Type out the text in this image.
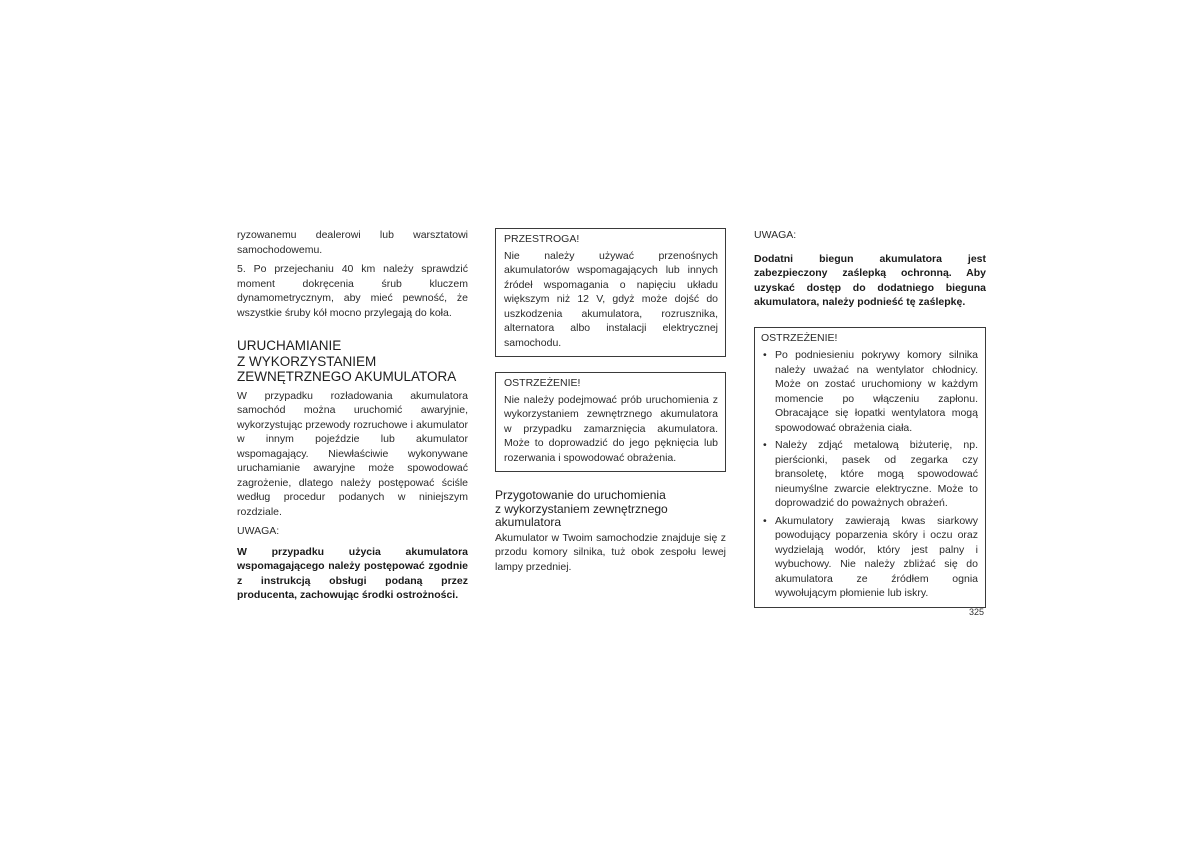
ryzowanemu dealerowi lub warsztatowi samochodowemu.

5. Po przejechaniu 40 km należy sprawdzić moment dokręcenia śrub kluczem dynamometrycznym, aby mieć pewność, że wszystkie śruby kół mocno przylegają do koła.

URUCHAMIANIE
Z WYKORZYSTANIEM
ZEWNĘTRZNEGO AKUMULATORA

W przypadku rozładowania akumulatora samochód można uruchomić awaryjnie, wykorzystując przewody rozruchowe i akumulator w innym pojeździe lub akumulator wspomagający. Niewłaściwie wykonywane uruchamianie awaryjne może spowodować zagrożenie, dlatego należy postępować ściśle według procedur podanych w niniejszym rozdziale.

UWAGA:

W przypadku użycia akumulatora wspomagającego należy postępować zgodnie z instrukcją obsługi podaną przez producenta, zachowując środki ostrożności.

PRZESTROGA!

Nie należy używać przenośnych akumulatorów wspomagających lub innych źródeł wspomagania o napięciu układu większym niż 12 V, gdyż może dojść do uszkodzenia akumulatora, rozrusznika, alternatora albo instalacji elektrycznej samochodu.

OSTRZEŻENIE!

Nie należy podejmować prób uruchomienia z wykorzystaniem zewnętrznego akumulatora w przypadku zamarznięcia akumulatora. Może to doprowadzić do jego pęknięcia lub rozerwania i spowodować obrażenia.

Przygotowanie do uruchomienia
z wykorzystaniem zewnętrznego
akumulatora

Akumulator w Twoim samochodzie znajduje się z przodu komory silnika, tuż obok zespołu lewej lampy przedniej.

UWAGA:

Dodatni biegun akumulatora jest zabezpieczony zaślepką ochronną. Aby uzyskać dostęp do dodatniego bieguna akumulatora, należy podnieść tę zaślepkę.

OSTRZEŻENIE!

• Po podniesieniu pokrywy komory silnika należy uważać na wentylator chłodnicy. Może on zostać uruchomiony w każdym momencie po włączeniu zapłonu. Obracające się łopatki wentylatora mogą spowodować obrażenia ciała.
• Należy zdjąć metalową biżuterię, np. pierścionki, pasek od zegarka czy bransoletę, które mogą spowodować nieumyślne zwarcie elektryczne. Może to doprowadzić do poważnych obrażeń.
• Akumulatory zawierają kwas siarkowy powodujący poparzenia skóry i oczu oraz wydzielają wodór, który jest palny i wybuchowy. Nie należy zbliżać się do akumulatora ze źródłem ognia wywołującym płomienie lub iskry.
325
